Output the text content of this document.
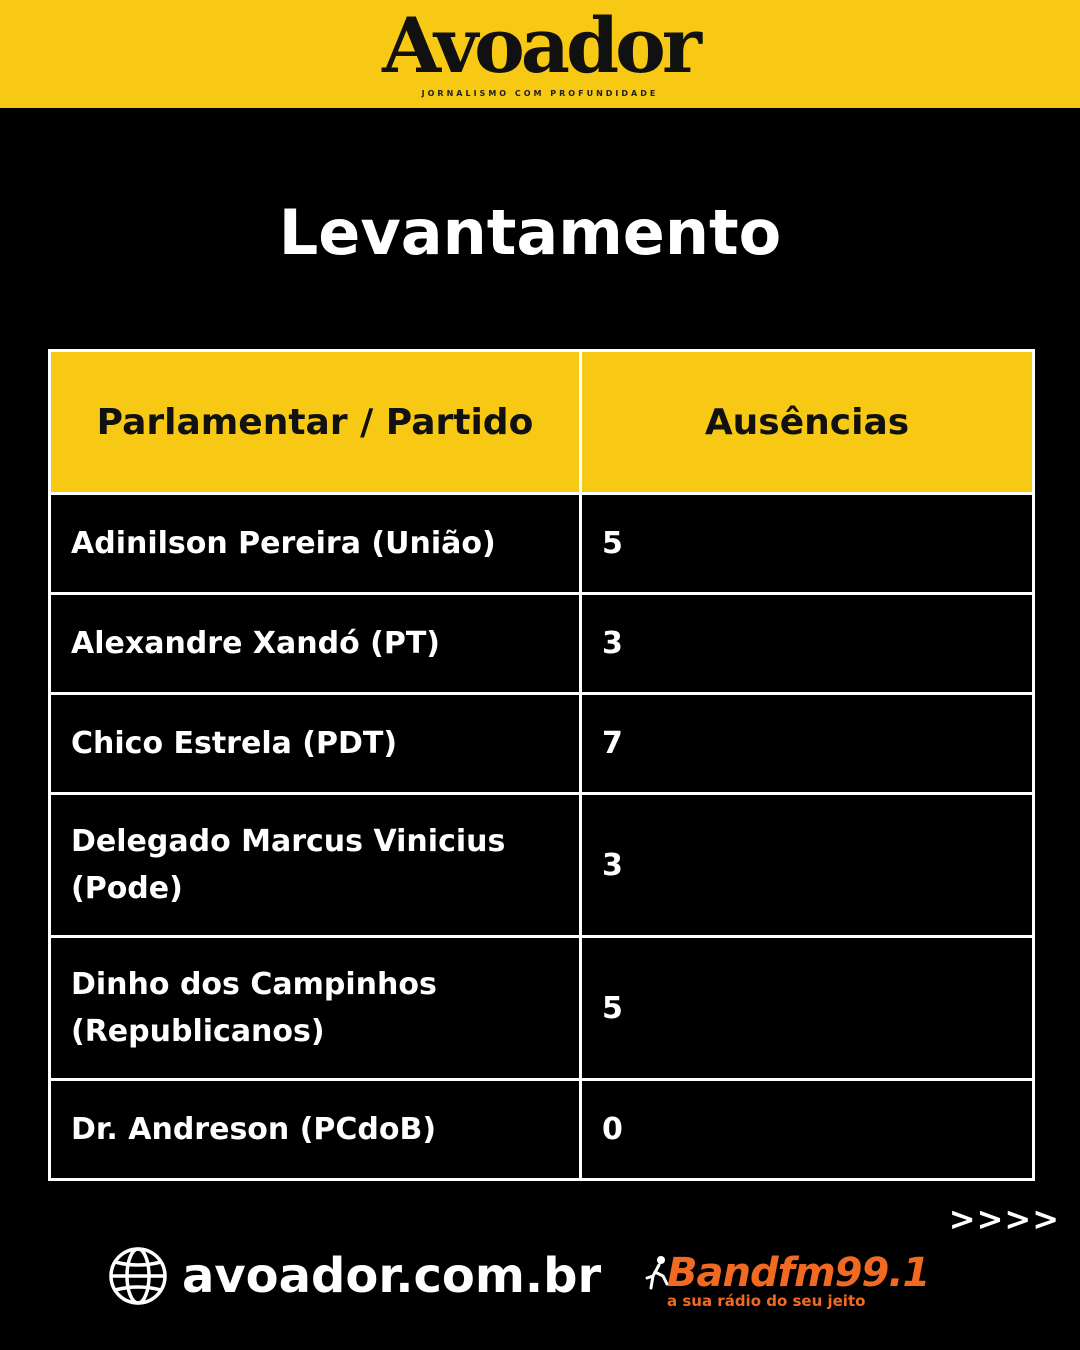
Avoador
JORNALISMO COM PROFUNDIDADE
Levantamento
Parlamentar / Partido	Ausências
Adinilson Pereira (União)	5
Alexandre Xandó (PT)	3
Chico Estrela (PDT)	7
Delegado Marcus Vinicius (Pode)	3
Dinho dos Campinhos (Republicanos)	5
Dr. Andreson (PCdoB)	0
>>>>
avoador.com.br Bandfm99.1
a sua rádio do seu jeito
